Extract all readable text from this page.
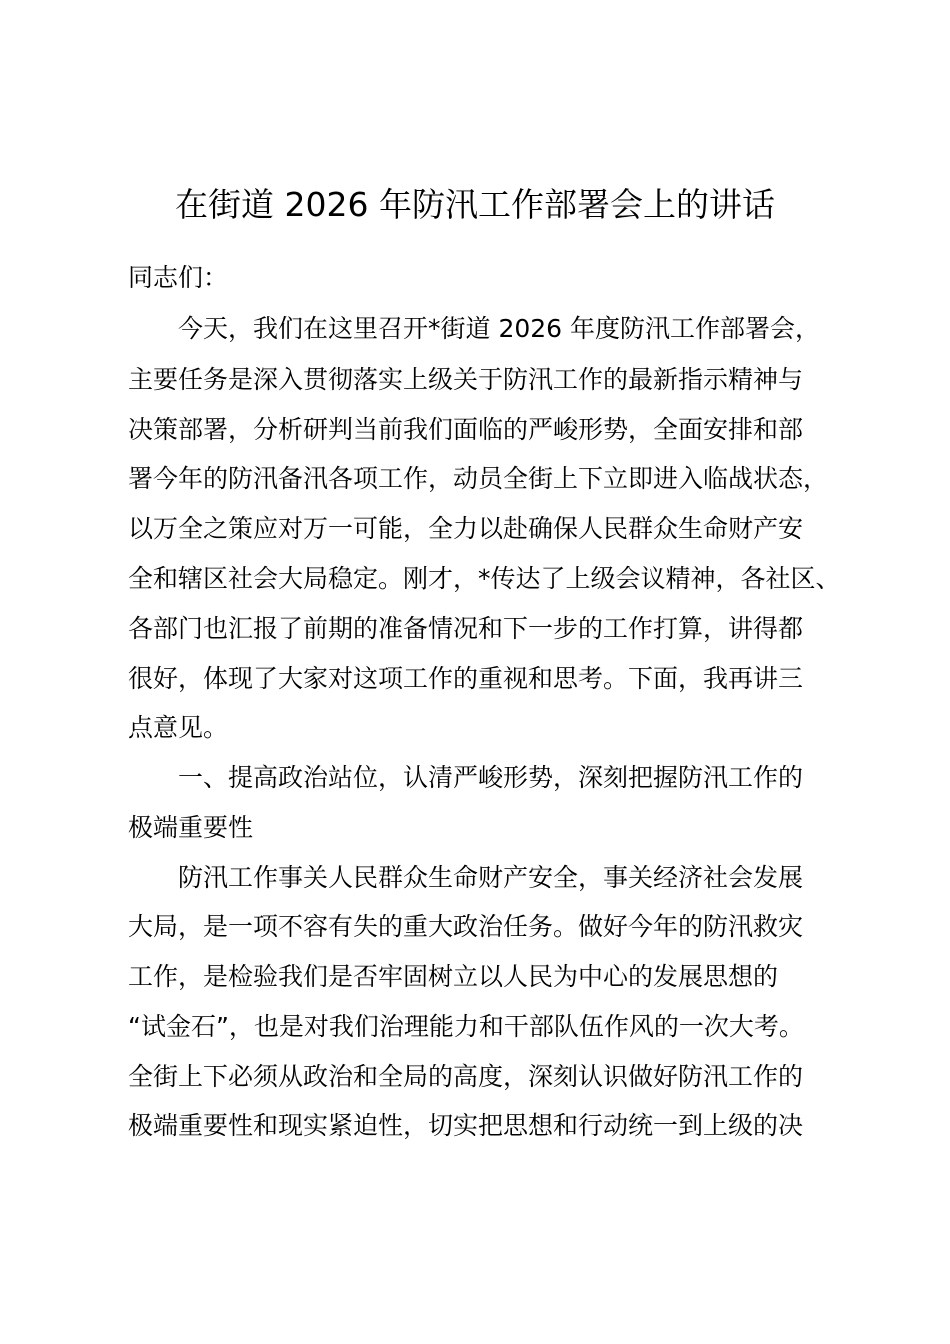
在街道 2026 年防汛工作部署会上的讲话
同志们：
今天，我们在这里召开*街道 2026 年度防汛工作部署会，
主要任务是深入贯彻落实上级关于防汛工作的最新指示精神与
决策部署，分析研判当前我们面临的严峻形势，全面安排和部
署今年的防汛备汛各项工作，动员全街上下立即进入临战状态，
以万全之策应对万一可能，全力以赴确保人民群众生命财产安
全和辖区社会大局稳定。刚才，*传达了上级会议精神，各社区、
各部门也汇报了前期的准备情况和下一步的工作打算，讲得都
很好，体现了大家对这项工作的重视和思考。下面，我再讲三
点意见。
一、提高政治站位，认清严峻形势，深刻把握防汛工作的
极端重要性
防汛工作事关人民群众生命财产安全，事关经济社会发展
大局，是一项不容有失的重大政治任务。做好今年的防汛救灾
工作，是检验我们是否牢固树立以人民为中心的发展思想的
“试金石”，也是对我们治理能力和干部队伍作风的一次大考。
全街上下必须从政治和全局的高度，深刻认识做好防汛工作的
极端重要性和现实紧迫性，切实把思想和行动统一到上级的决
